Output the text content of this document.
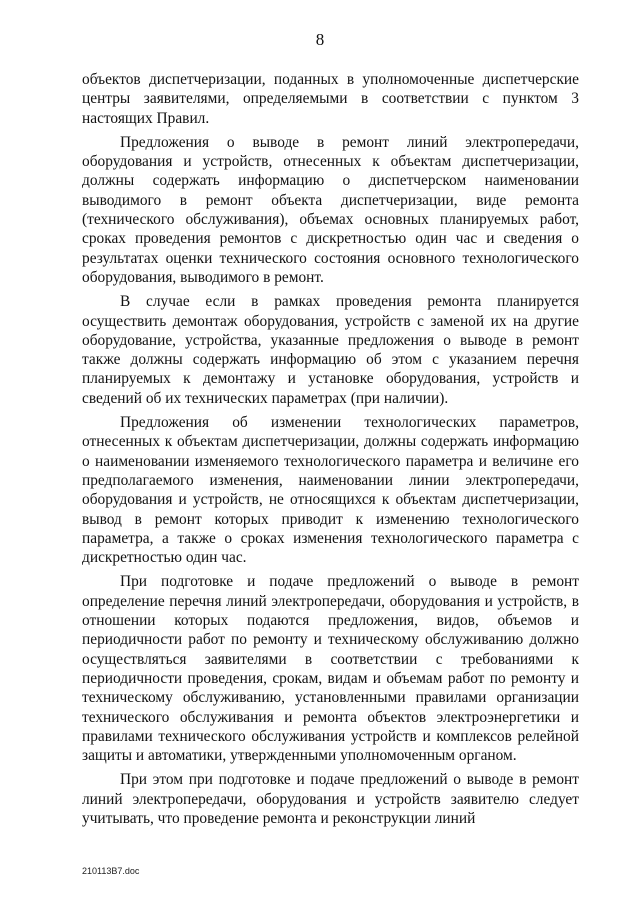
8

объектов диспетчеризации, поданных в уполномоченные диспетчерские центры заявителями, определяемыми в соответствии с пунктом 3 настоящих Правил.

Предложения о выводе в ремонт линий электропередачи, оборудования и устройств, отнесенных к объектам диспетчеризации, должны содержать информацию о диспетчерском наименовании выводимого в ремонт объекта диспетчеризации, виде ремонта (технического обслуживания), объемах основных планируемых работ, сроках проведения ремонтов с дискретностью один час и сведения о результатах оценки технического состояния основного технологического оборудования, выводимого в ремонт.

В случае если в рамках проведения ремонта планируется осуществить демонтаж оборудования, устройств с заменой их на другие оборудование, устройства, указанные предложения о выводе в ремонт также должны содержать информацию об этом с указанием перечня планируемых к демонтажу и установке оборудования, устройств и сведений об их технических параметрах (при наличии).

Предложения об изменении технологических параметров, отнесенных к объектам диспетчеризации, должны содержать информацию о наименовании изменяемого технологического параметра и величине его предполагаемого изменения, наименовании линии электропередачи, оборудования и устройств, не относящихся к объектам диспетчеризации, вывод в ремонт которых приводит к изменению технологического параметра, а также о сроках изменения технологического параметра с дискретностью один час.

При подготовке и подаче предложений о выводе в ремонт определение перечня линий электропередачи, оборудования и устройств, в отношении которых подаются предложения, видов, объемов и периодичности работ по ремонту и техническому обслуживанию должно осуществляться заявителями в соответствии с требованиями к периодичности проведения, срокам, видам и объемам работ по ремонту и техническому обслуживанию, установленными правилами организации технического обслуживания и ремонта объектов электроэнергетики и правилами технического обслуживания устройств и комплексов релейной защиты и автоматики, утвержденными уполномоченным органом.

При этом при подготовке и подаче предложений о выводе в ремонт линий электропередачи, оборудования и устройств заявителю следует учитывать, что проведение ремонта и реконструкции линий

210113В7.doc
